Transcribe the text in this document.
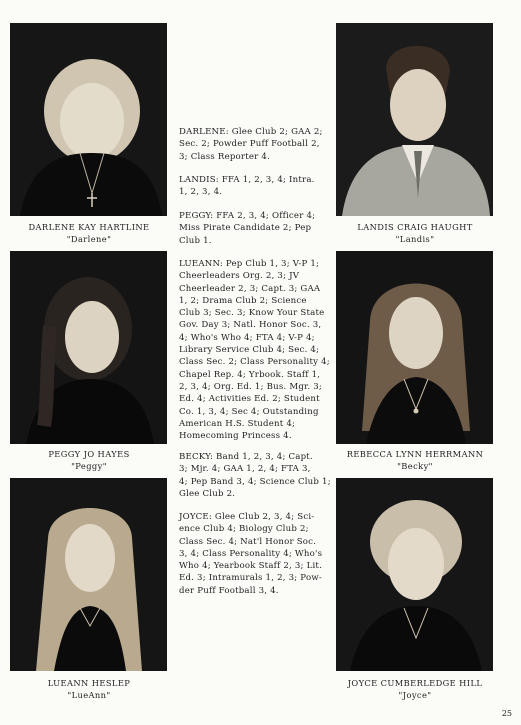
DARLENE KAY HARTLINE
"Darlene"
LANDIS CRAIG HAUGHT
"Landis"
PEGGY JO HAYES
"Peggy"
REBECCA LYNN HERRMANN
"Becky"
LUEANN HESLEP
"LueAnn"
JOYCE CUMBERLEDGE HILL
"Joyce"
DARLENE: Glee Club 2; GAA 2;
Sec. 2; Powder Puff Football 2,
3; Class Reporter 4.
LANDIS: FFA 1, 2, 3, 4; Intra.
1, 2, 3, 4.
PEGGY: FFA 2, 3, 4; Officer 4;
Miss Pirate Candidate 2; Pep
Club 1.
LUEANN: Pep Club 1, 3; V-P 1;
Cheerleaders Org. 2, 3; JV
Cheerleader 2, 3; Capt. 3; GAA
1, 2; Drama Club 2; Science
Club 3; Sec. 3; Know Your State
Gov. Day 3; Natl. Honor Soc. 3,
4; Who's Who 4; FTA 4; V-P 4;
Library Service Club 4; Sec. 4;
Class Sec. 2; Class Personality 4;
Chapel Rep. 4; Yrbook. Staff 1,
2, 3, 4; Org. Ed. 1; Bus. Mgr. 3;
Ed. 4; Activities Ed. 2; Student
Co. 1, 3, 4; Sec 4; Outstanding
American H.S. Student 4;
Homecoming Princess 4.
BECKY: Band 1, 2, 3, 4; Capt.
3; Mjr. 4; GAA 1, 2, 4; FTA 3,
4; Pep Band 3, 4; Science Club 1;
Glee Club 2.
JOYCE: Glee Club 2, 3, 4; Sci-
ence Club 4; Biology Club 2;
Class Sec. 4; Nat'l Honor Soc.
3, 4; Class Personality 4; Who's
Who 4; Yearbook Staff 2, 3; Lit.
Ed. 3; Intramurals 1, 2, 3; Pow-
der Puff Football 3, 4.
25
